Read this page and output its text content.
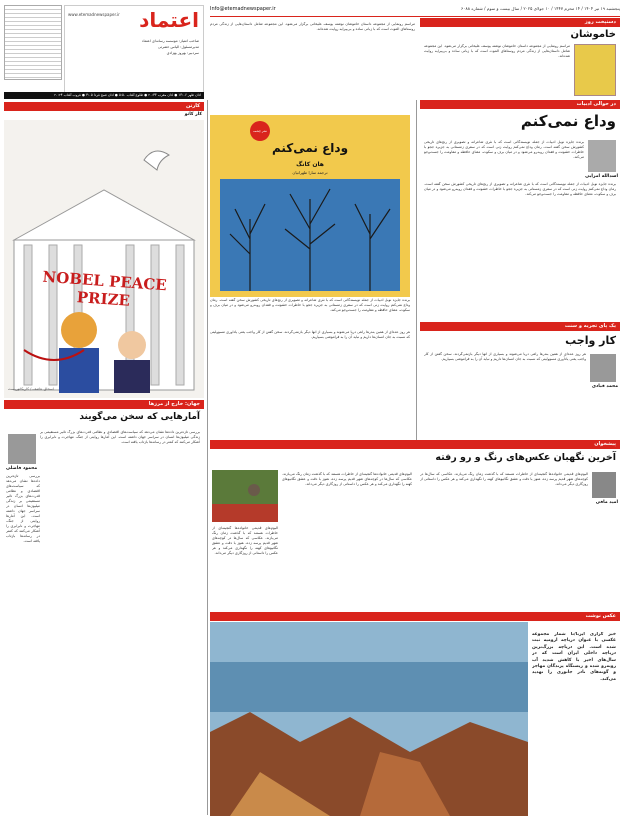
پنجشنبه ۱۹ تیر ۱۴۰۴ / ۱۴ محرم ۱۴۴۷ / ۱۰ جولای ۲۰۲۵ / سال بیست و سوم / شماره ۶۰۸۸
Info@etemadnewspaper.ir
اعتماد
www.etemadnewspaper.ir
صاحب امتیاز: موسسه رسانه‌ای اعتماد
مدیرمسئول: الیاس حضرتی
سردبیر: بهروز بهزادی
اذان ظهر ۱۳:۰۶ ● اذان مغرب ۲۰:۴۳ ● طلوع آفتاب ۵:۵۰ ● اذان صبح فردا ۴:۰۵ ● غروب آفتاب ۲۰:۲۴
دستپخت روز
خاموشان
مراسم رونمایی از مجموعه داستان خاموشان نوشته یوسف علیخانی برگزار می‌شود. این مجموعه شامل داستان‌هایی از زندگی مردم روستاهای الموت است که با زبانی ساده و بی‌پیرایه روایت شده‌اند.
مراسم رونمایی از مجموعه داستان خاموشان نوشته یوسف علیخانی برگزار می‌شود. این مجموعه شامل داستان‌هایی از زندگی مردم روستاهای الموت است که با زبانی ساده و بی‌پیرایه روایت شده‌اند.
کارتن
کار کاتو
NOBEL PEACE PRIZE
اسحاق عاصف / کاریکاتوریست
نشر چشمه
وداع نمی‌کنم
هان کانگ
ترجمه سارا طهرانیان
در حوالی ادبیات
وداع نمی‌کنم
اسدالله امرایی
برنده جایزه نوبل ادبیات از جمله نویسندگانی است که با نثری شاعرانه و تصویری از رنج‌های تاریخی کشورش سخن گفته است. رمان وداع نمی‌کنم روایت زنی است که در سفری زمستانی به جزیره ججو با خاطرات خشونت و فقدان روبه‌رو می‌شود و در میان برف و سکوت، معنای حافظه و مقاومت را جست‌وجو می‌کند.
برنده جایزه نوبل ادبیات از جمله نویسندگانی است که با نثری شاعرانه و تصویری از رنج‌های تاریخی کشورش سخن گفته است. رمان وداع نمی‌کنم روایت زنی است که در سفری زمستانی به جزیره ججو با خاطرات خشونت و فقدان روبه‌رو می‌شود و در میان برف و سکوت، معنای حافظه و مقاومت را جست‌وجو می‌کند.
برنده جایزه نوبل ادبیات از جمله نویسندگانی است که با نثری شاعرانه و تصویری از رنج‌های تاریخی کشورش سخن گفته است. رمان وداع نمی‌کنم روایت زنی است که در سفری زمستانی به جزیره ججو با خاطرات خشونت و فقدان روبه‌رو می‌شود و در میان برف و سکوت، معنای حافظه و مقاومت را جست‌وجو می‌کند.
یک پای تجربه و سنت
کار واجب
محمد قبادی
هر روز عده‌ای از همین بندرها راهی دریا می‌شوند و بسیاری از آنها دیگر بازنمی‌گردند. سخن گفتن از کار واجب یعنی یادآوری مسوولیتی که نسبت به جان انسان‌ها داریم و نباید آن را به فراموشی بسپاریم.
هر روز عده‌ای از همین بندرها راهی دریا می‌شوند و بسیاری از آنها دیگر بازنمی‌گردند. سخن گفتن از کار واجب یعنی یادآوری مسوولیتی که نسبت به جان انسان‌ها داریم و نباید آن را به فراموشی بسپاریم.
پیشخوان
آخرین نگهبان عکس‌های رنگ و رو رفته
امید مافی
آلبوم‌های قدیمی خانواده‌ها گنجینه‌ای از خاطرات هستند که با گذشت زمان رنگ می‌بازند. عکاسی که سال‌ها در کوچه‌های شهر قدیم پرسه زده، هنوز با دقت و عشق نگاتیوهای کهنه را نگهداری می‌کند و هر عکس را داستانی از روزگاری دیگر می‌داند.
آلبوم‌های قدیمی خانواده‌ها گنجینه‌ای از خاطرات هستند که با گذشت زمان رنگ می‌بازند. عکاسی که سال‌ها در کوچه‌های شهر قدیم پرسه زده، هنوز با دقت و عشق نگاتیوهای کهنه را نگهداری می‌کند و هر عکس را داستانی از روزگاری دیگر می‌داند.
آلبوم‌های قدیمی خانواده‌ها گنجینه‌ای از خاطرات هستند که با گذشت زمان رنگ می‌بازند. عکاسی که سال‌ها در کوچه‌های شهر قدیم پرسه زده، هنوز با دقت و عشق نگاتیوهای کهنه را نگهداری می‌کند و هر عکس را داستانی از روزگاری دیگر می‌داند.
جهان: خارج از مرزها
آمارهایی که سخن می‌گویند
محمود فاضلی
بررسی تازه‌ترین داده‌ها نشان می‌دهد که سیاست‌های اقتصادی و نظامی قدرت‌های بزرگ تاثیر مستقیمی بر زندگی میلیون‌ها انسان در سراسر جهان داشته است. این آمارها روایتی از جنگ، مهاجرت و نابرابری را آشکار می‌کنند که کمتر در رسانه‌ها بازتاب یافته است.
بررسی تازه‌ترین داده‌ها نشان می‌دهد که سیاست‌های اقتصادی و نظامی قدرت‌های بزرگ تاثیر مستقیمی بر زندگی میلیون‌ها انسان در سراسر جهان داشته است. این آمارها روایتی از جنگ، مهاجرت و نابرابری را آشکار می‌کنند که کمتر در رسانه‌ها بازتاب یافته است.
عکس نوشت
خبر گزاری ایرنا/تا شمار مجموعه عکسی با عنوان دریاچه ارومیه ثبت شده است. این دریاچه بزرگ‌ترین دریاچه داخلی ایران است که در سال‌های اخیر با کاهش شدید آب روبه‌رو شده و زیستگاه پرندگان مهاجر و گونه‌های نادر جانوری را تهدید می‌کند.
